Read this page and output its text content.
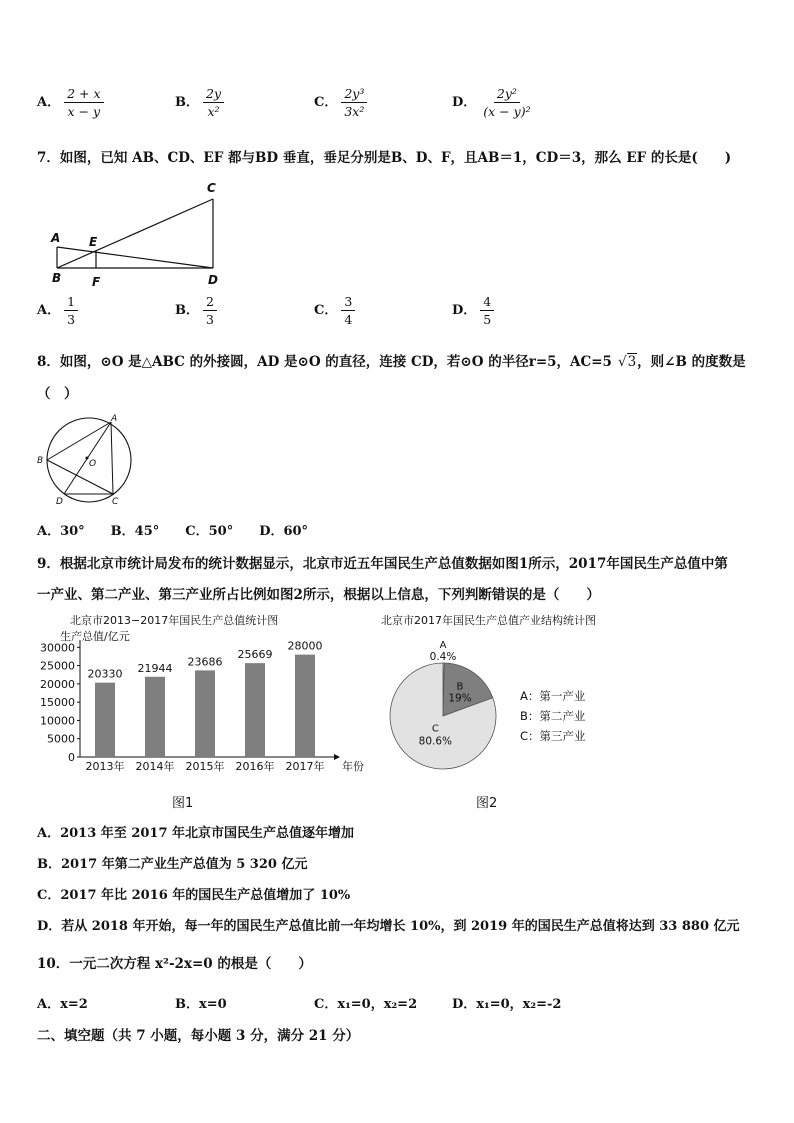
A． $\frac{2 + x}{x - y}$	B． $\frac{2y}{\text{x²}}$	C． $\frac{\text{2y³}}{\text{3x²}}$	D． $\frac{\text{2y²}}{\text{(x − y)²}}$
7．如图，已知 AB、CD、EF 都与BD 垂直，垂足分别是B、D、F，且AB＝1，CD＝3，那么 EF 的长是(　　)
C
A E
B	F	D
A． $\frac{1}{3}$	B． $\frac{2}{3}$	C． $\frac{3}{4}$	D． $\frac{4}{5}$
8．如图，⊙O 是△ABC 的外接圆，AD 是⊙O 的直径，连接 CD，若⊙O 的半径r=5，AC=5 √3，则∠B 的度数是
（　）
A
B	O
D	C
A．30°　　B．45°　　C．50°　　D．60°
9．根据北京市统计局发布的统计数据显示，北京市近五年国民生产总值数据如图1所示，2017年国民生产总值中第
一产业、第二产业、第三产业所占比例如图2所示，根据以上信息，下列判断错误的是（　　）
北京市2013−2017年国民生产总值统计图
生产总值/亿元
年份
0
5000
10000
15000
20000
25000
30000
20330
2013年
21944
2014年
23686
2015年
25669
2016年
28000
2017年
北京市2017年国民生产总值产业结构统计图
A
0.4%
B
19%
C
80.6%
A：第一产业
B：第二产业
C：第三产业
图1	图2
A．2013 年至 2017 年北京市国民生产总值逐年增加
B．2017 年第二产业生产总值为 5 320 亿元
C．2017 年比 2016 年的国民生产总值增加了 10%
D．若从 2018 年开始，每一年的国民生产总值比前一年均增长 10%，到 2019 年的国民生产总值将达到 33 880 亿元
10．一元二次方程 x²-2x=0 的根是（　　）
A．x=2	B．x=0	C．x₁=0，x₂=2	D．x₁=0，x₂=-2
二、填空题（共 7 小题，每小题 3 分，满分 21 分）
